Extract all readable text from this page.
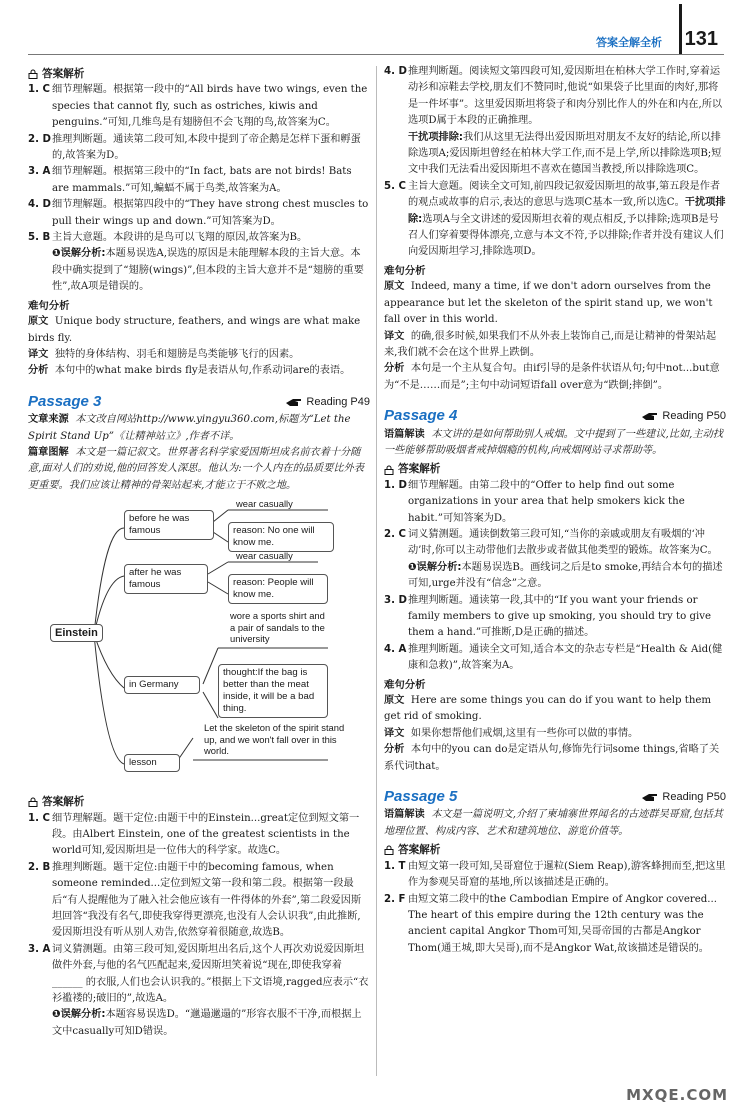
答案全解全析 131
答案解析
1. C 细节理解题。根据第一段中的“All birds have two wings, even the species that cannot fly, such as ostriches, kiwis and penguins.”可知,几维鸟是有翅膀但不会飞翔的鸟,故答案为C。
2. D 推理判断题。通读第二段可知,本段中提到了帝企鹅是怎样下蛋和孵蛋的,故答案为D。
3. A 细节理解题。根据第三段中的“In fact, bats are not birds! Bats are mammals.”可知,蝙蝠不属于鸟类,故答案为A。
4. D 细节理解题。根据第四段中的“They have strong chest muscles to pull their wings up and down.”可知答案为D。
5. B 主旨大意题。本段讲的是鸟可以飞翔的原因,故答案为B。
❶误解分析:本题易误选A,误选的原因是未能理解本段的主旨大意。本段中确实提到了“翅膀(wings)”,但本段的主旨大意并不是“翅膀的重要性”,故A项是错误的。
难句分析
原文 Unique body structure, feathers, and wings are what make birds fly.
译文 独特的身体结构、羽毛和翅膀是鸟类能够飞行的因素。
分析 本句中的what make birds fly是表语从句,作系动词are的表语。
Passage 3	Reading P49
文章来源 本文改自网站http://www.yingyu360.com,标题为“Let the Spirit Stand Up”《让精神站立》,作者不详。
篇章图解 本文是一篇记叙文。世界著名科学家爱因斯坦成名前衣着十分随意,面对人们的劝说,他的回答发人深思。他认为:一个人内在的品质要比外表更重要。我们应该让精神的骨架站起来,才能立于不败之地。
Einstein
before he was famous
wear casually
reason: No one will know me.
after he was famous
wear casually
reason: People will know me.
in Germany
wore a sports shirt and a pair of sandals to the university
thought:If the bag is better than the meat inside, it will be a bad thing.
lesson
Let the skeleton of the spirit stand up, and we won't fall over in this world.
答案解析
1. C 细节理解题。题干定位:由题干中的Einstein...great定位到短文第一段。由Albert Einstein, one of the greatest scientists in the world可知,爱因斯坦是一位伟大的科学家。故选C。
2. B 推理判断题。题干定位:由题干中的becoming famous, when someone reminded...定位到短文第一段和第二段。根据第一段最后“有人提醒他为了融入社会他应该有一件得体的外套”,第二段爱因斯坦回答“我没有名气,即使我穿得更漂亮,也没有人会认识我”,由此推断,爱因斯坦没有听从别人劝告,依然穿着很随意,故选B。
3. A 词义猜测题。由第三段可知,爱因斯坦出名后,这个人再次劝说爱因斯坦做件外套,与他的名气匹配起来,爱因斯坦笑着说“现在,即使我穿着 ______ 的衣服,人们也会认识我的。”根据上下文语境,ragged应表示“衣衫褴褛的;破旧的”,故选A。
❶误解分析:本题容易误选D。“邋遢邋遢的”形容衣服不干净,而根据上文中casually可知D错误。
4. D 推理判断题。阅读短文第四段可知,爱因斯坦在柏林大学工作时,穿着运动衫和凉鞋去学校,朋友们不赞同时,他说“如果袋子比里面的肉好,那将是一件坏事”。这里爱因斯坦将袋子和肉分别比作人的外在和内在,所以选项D属于本段的正确推理。
干扰项排除:我们从这里无法得出爱因斯坦对朋友不友好的结论,所以排除选项A;爱因斯坦曾经在柏林大学工作,而不是上学,所以排除选项B;短文中我们无法看出爱因斯坦不喜欢在德国当教授,所以排除选项C。
5. C 主旨大意题。阅读全文可知,前四段记叙爱因斯坦的故事,第五段是作者的观点或故事的启示,表达的意思与选项C基本一致,所以选C。干扰项排除:选项A与全文讲述的爱因斯坦衣着的观点相反,予以排除;选项B是号召人们穿着要得体漂亮,立意与本文不符,予以排除;作者并没有建议人们向爱因斯坦学习,排除选项D。
难句分析
原文 Indeed, many a time, if we don't adorn ourselves from the appearance but let the skeleton of the spirit stand up, we won't fall over in this world.
译文 的确,很多时候,如果我们不从外表上装饰自己,而是让精神的骨架站起来,我们就不会在这个世界上跌倒。
分析 本句是一个主从复合句。由if引导的是条件状语从句;句中not...but意为“不是……而是”;主句中动词短语fall over意为“跌倒;摔倒”。
Passage 4	Reading P50
语篇解读 本文讲的是如何帮助别人戒烟。文中提到了一些建议,比如,主动找一些能够帮助吸烟者戒掉烟瘾的机构,向戒烟网站寻求帮助等。
答案解析
1. D 细节理解题。由第二段中的“Offer to help find out some organizations in your area that help smokers kick the habit.”可知答案为D。
2. C 词义猜测题。通读倒数第三段可知,“当你的亲戚或朋友有吸烟的‘冲动’时,你可以主动带他们去散步或者做其他类型的锻炼。故答案为C。
❶误解分析:本题易误选B。画线词之后是to smoke,再结合本句的描述可知,urge并没有“信念”之意。
3. D 推理判断题。通读第一段,其中的“If you want your friends or family members to give up smoking, you should try to give them a hand.”可推断,D是正确的描述。
4. A 推理判断题。通读全文可知,适合本文的杂志专栏是“Health & Aid(健康和急救)”,故答案为A。
难句分析
原文 Here are some things you can do if you want to help them get rid of smoking.
译文 如果你想帮他们戒烟,这里有一些你可以做的事情。
分析 本句中的you can do是定语从句,修饰先行词some things,省略了关系代词that。
Passage 5	Reading P50
语篇解读 本文是一篇说明文,介绍了柬埔寨世界闻名的古迹群吴哥窟,包括其地理位置、构成内容、艺术和建筑地位、游览价值等。
答案解析
1. T 由短文第一段可知,吴哥窟位于暹粒(Siem Reap),游客蜂拥而至,把这里作为参观吴哥窟的基地,所以该描述是正确的。
2. F 由短文第二段中的the Cambodian Empire of Angkor covered... The heart of this empire during the 12th century was the ancient capital Angkor Thom可知,吴哥帝国的古都是Angkor Thom(通王城,即大吴哥),而不是Angkor Wat,故该描述是错误的。
MXQE.COM
